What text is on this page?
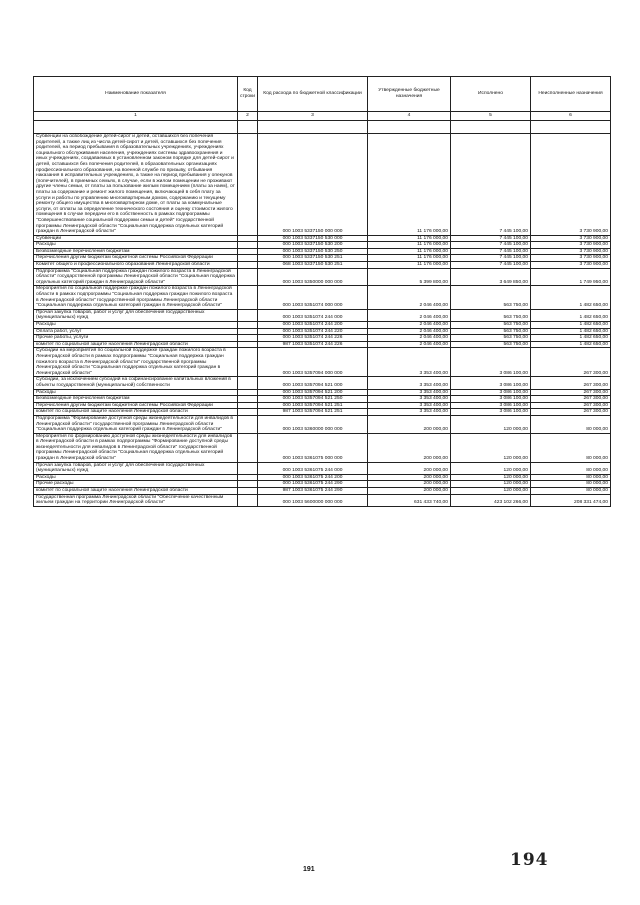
Наименование показателя	Код строки	Код расхода по бюджетной классификации	Утвержденные бюджетные назначения	Исполнено	Неисполненные назначения
1	2	3	4	5	6

Субвенции на освобождение детей-сирот и детей, оставшихся без попечения родителей, а также лиц из числа детей-сирот и детей, оставшихся без попечения родителей, на период пребывания в образовательных учреждениях, учреждениях социального обслуживания населения, учреждениях системы здравоохранения и иных учреждениях, создаваемых в установленном законом порядке для детей-сирот и детей, оставшихся без попечения родителей, в образовательных организациях профессионального образования, на военной службе по призыву, отбывания наказания в исправительных учреждениях, а также на период пребывания у опекунов (попечителей), в приемных семьях, в случае, если в жилом помещении не проживают другие члены семьи, от платы за пользование жилым помещением (платы за наем), от платы за содержание и ремонт жилого помещения, включающей в себя плату за услуги и работы по управлению многоквартирным домом, содержанию и текущему ремонту общего имущества в многоквартирном доме, от платы за коммунальные услуги, от оплаты за определение технического состояния и оценку стоимости жилого помещения в случае передачи его в собственность в рамках подпрограммы "Совершенствование социальной поддержки семьи и детей" государственной программы Ленинградской области "Социальная поддержка отдельных категорий граждан в Ленинградской области"		000 1003 5337150 000 000	11 176 000,00	7 445 100,00	3 730 900,00
Субвенции		000 1003 5337150 530 000	11 176 000,00	7 445 100,00	3 730 900,00
Расходы		000 1003 5337150 530 200	11 176 000,00	7 445 100,00	3 730 900,00
Безвозмездные перечисления бюджетам		000 1003 5337150 530 250	11 176 000,00	7 445 100,00	3 730 900,00
Перечисления другим бюджетам бюджетной системы Российской Федерации		000 1003 5337150 530 251	11 176 000,00	7 445 100,00	3 730 900,00
Комитет общего и профессионального образования Ленинградской области		068 1003 5337150 530 251	11 176 000,00	7 445 100,00	3 730 900,00
Подпрограмма "Социальная поддержка граждан пожилого возраста в Ленинградской области" государственной программы Ленинградской области "Социальная поддержка отдельных категорий граждан в Ленинградской области"		000 1003 5350000 000 000	5 399 800,00	3 649 850,00	1 749 950,00
Мероприятия по социальной поддержке граждан пожилого возраста в Ленинградской области в рамках подпрограммы "Социальная поддержка граждан пожилого возраста в Ленинградской области" государственной программы Ленинградской области "Социальная поддержка отдельных категорий граждан в Ленинградской области"		000 1003 5351074 000 000	2 046 400,00	563 750,00	1 482 650,00
Прочая закупка товаров, работ и услуг для обеспечения государственных (муниципальных) нужд		000 1003 5351074 244 000	2 046 400,00	563 750,00	1 482 650,00
Расходы		000 1003 5351074 244 200	2 046 400,00	563 750,00	1 482 650,00
Оплата работ, услуг		000 1003 5351074 244 220	2 046 400,00	563 750,00	1 482 650,00
Прочие работы, услуги		000 1003 5351074 244 226	2 046 400,00	563 750,00	1 482 650,00
комитет по социальной защите населения Ленинградской области		987 1003 5351074 244 226	2 046 400,00	563 750,00	1 482 650,00
Субсидии на мероприятия по социальной поддержке граждан пожилого возраста в Ленинградской области в рамках подпрограммы "Социальная поддержка граждан пожилого возраста в Ленинградской области" государственной программы Ленинградской области "Социальная поддержка отдельных категорий граждан в Ленинградской области"		000 1003 5357094 000 000	3 353 400,00	3 086 100,00	267 300,00
Субсидии, за исключением субсидий на софинансирование капитальных вложений в объекты государственной (муниципальной) собственности		000 1003 5357094 521 000	3 353 400,00	3 086 100,00	267 300,00
Расходы		000 1003 5357094 521 200	3 353 400,00	3 086 100,00	267 300,00
Безвозмездные перечисления бюджетам		000 1003 5357094 521 250	3 353 400,00	3 086 100,00	267 300,00
Перечисления другим бюджетам бюджетной системы Российской Федерации		000 1003 5357094 521 251	3 353 400,00	3 086 100,00	267 300,00
комитет по социальной защите населения Ленинградской области		987 1003 5357094 521 251	3 353 400,00	3 086 100,00	267 300,00
Подпрограмма "Формирование доступной среды жизнедеятельности для инвалидов в Ленинградской области" государственной программы Ленинградской области "Социальная поддержка отдельных категорий граждан в Ленинградской области"		000 1003 5360000 000 000	200 000,00	120 000,00	80 000,00
Мероприятия по формированию доступной среды жизнедеятельности для инвалидов в Ленинградской области в рамках подпрограммы "Формирование доступной среды жизнедеятельности для инвалидов в Ленинградской области" государственной программы Ленинградской области "Социальная поддержка отдельных категорий граждан в Ленинградской области"		000 1003 5361075 000 000	200 000,00	120 000,00	80 000,00
Прочая закупка товаров, работ и услуг для обеспечения государственных (муниципальных) нужд		000 1003 5361075 244 000	200 000,00	120 000,00	80 000,00
Расходы		000 1003 5361075 244 200	200 000,00	120 000,00	80 000,00
Прочие расходы		000 1003 5361075 244 290	200 000,00	120 000,00	80 000,00
комитет по социальной защите населения Ленинградской области		987 1003 5361075 244 290	200 000,00	120 000,00	80 000,00
Государственная программа Ленинградской области "Обеспечение качественным жильем граждан на территории Ленинградской области"		000 1003 5600000 000 000	631 433 740,00	423 102 266,00	208 331 474,00
194
191
